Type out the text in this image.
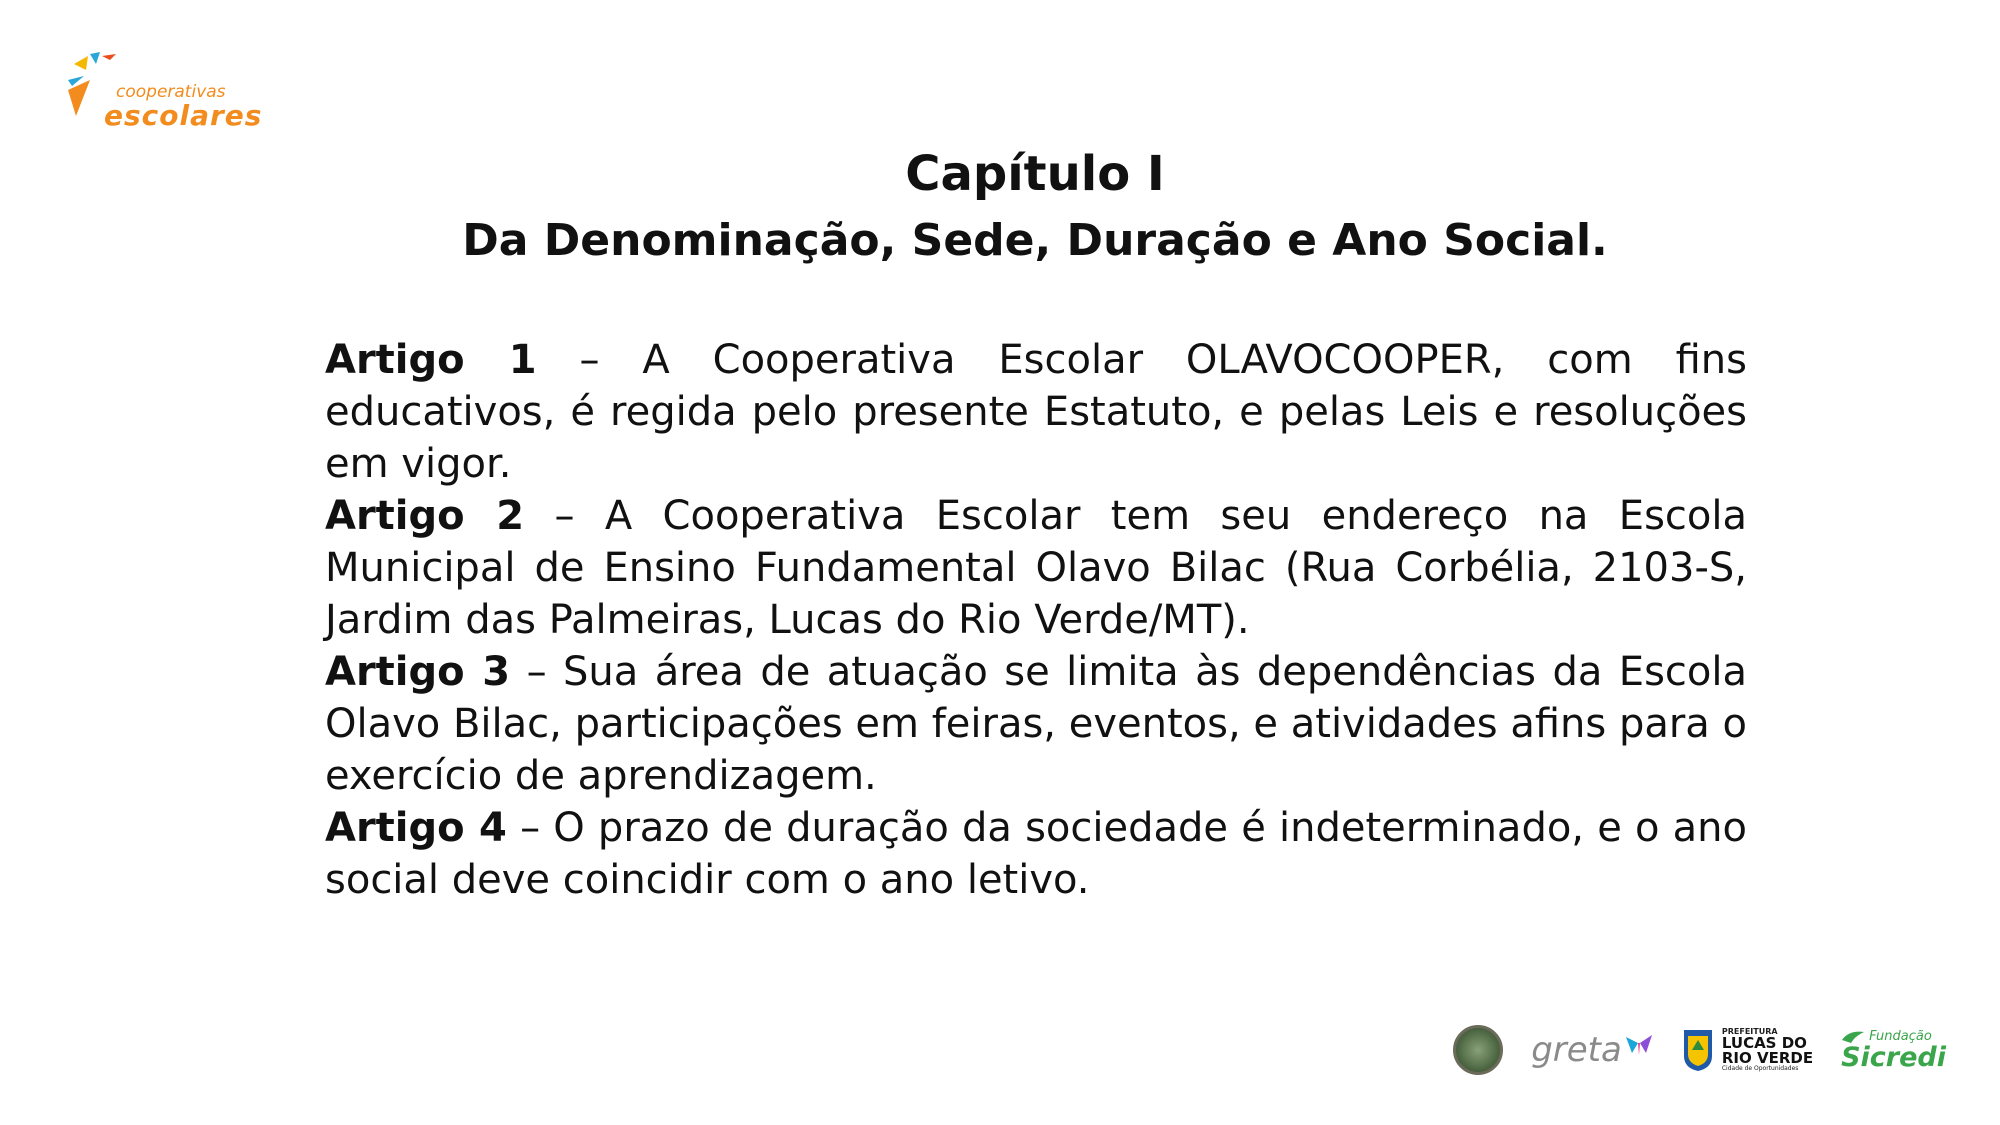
cooperativas

escolares

Capítulo I
Da Denominação, Sede, Duração e Ano Social.

Artigo 1 – A Cooperativa Escolar OLAVOCOOPER, com fins educativos, é regida pelo presente Estatuto, e pelas Leis e resoluções em vigor.

Artigo 2 – A Cooperativa Escolar tem seu endereço na Escola Municipal de Ensino Fundamental Olavo Bilac (Rua Corbélia, 2103-S, Jardim das Palmeiras, Lucas do Rio Verde/MT).

Artigo 3 – Sua área de atuação se limita às dependências da Escola Olavo Bilac, participações em feiras, eventos, e atividades afins para o exercício de aprendizagem.

Artigo 4 – O prazo de duração da sociedade é indeterminado, e o ano social deve coincidir com o ano letivo.

greta	PREFEITURA
LUCAS DO
RIO VERDE
Cidade de Oportunidades
Fundação
Sicredi
